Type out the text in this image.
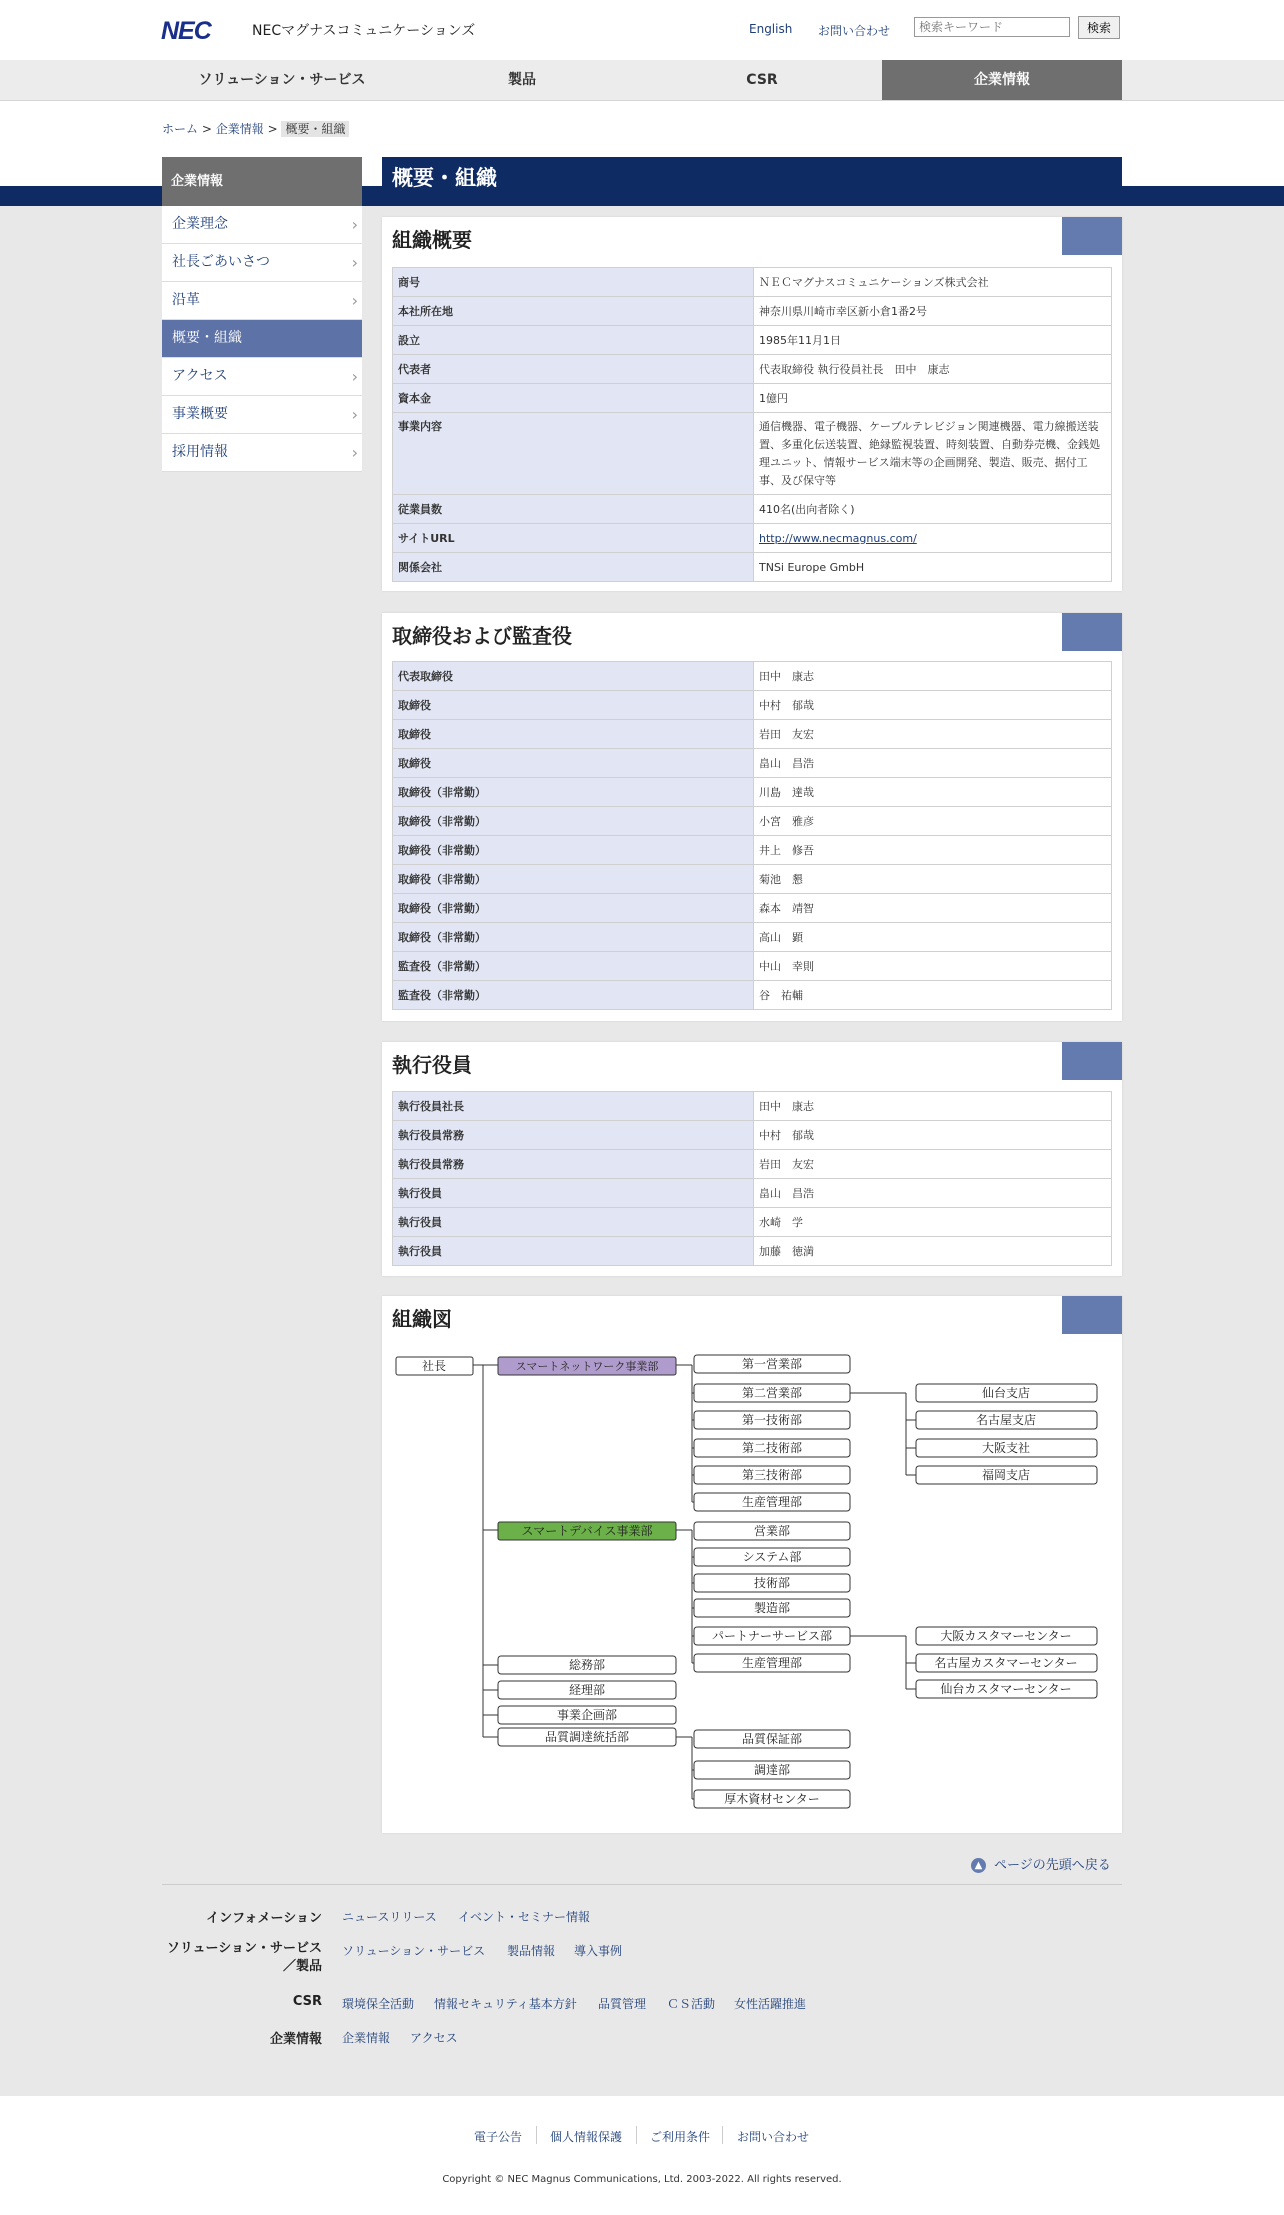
NEC	NECマグナスコミュニケーションズ	English お問い合わせ
検索キーワード	検索
ソリューション・サービス	製品	CSR	企業情報
ホーム > 企業情報 > 概要・組織
企業情報
企業理念	›
社長ごあいさつ	›
沿革	›
概要・組織
アクセス	›
事業概要	›
採用情報	›
概要・組織
組織概要
商号	ＮＥＣマグナスコミュニケーションズ株式会社
本社所在地	神奈川県川崎市幸区新小倉1番2号
設立	1985年11月1日
代表者	代表取締役 執行役員社長　田中　康志
資本金	1億円
事業内容	通信機器、電子機器、ケーブルテレビジョン関連機器、電力線搬送装置、多重化伝送装置、絶縁監視装置、時刻装置、自動券売機、金銭処理ユニット、情報サービス端末等の企画開発、製造、販売、据付工事、及び保守等
従業員数	410名(出向者除く)
サイトURL	http://www.necmagnus.com/
関係会社	TNSi Europe GmbH
取締役および監査役
代表取締役	田中　康志
取締役	中村　郁哉
取締役	岩田　友宏
取締役	畠山　昌浩
取締役（非常勤）	川島　達哉
取締役（非常勤）	小宮　雅彦
取締役（非常勤）	井上　修吾
取締役（非常勤）	菊池　懇
取締役（非常勤）	森本　靖智
取締役（非常勤）	高山　顕
監査役（非常勤）	中山　幸則
監査役（非常勤）	谷　祐輔
執行役員
執行役員社長	田中　康志
執行役員常務	中村　郁哉
執行役員常務	岩田　友宏
執行役員	畠山　昌浩
執行役員	水崎　学
執行役員	加藤　徳満
組織図
社長	スマートネットワーク事業部	第一営業部
第二営業部
第一技術部
第二技術部
第三技術部
生産管理部
仙台支店
名古屋支店
大阪支社
福岡支店
スマートデバイス事業部	営業部
システム部
技術部
製造部
パートナーサービス部
生産管理部
大阪カスタマーセンター
名古屋カスタマーセンター
仙台カスタマーセンター
総務部
経理部
事業企画部
品質調達統括部	品質保証部
調達部
厚木資材センター
▲ ページの先頭へ戻る
インフォメーション ニュースリリース イベント・セミナー情報
ソリューション・サービス／製品
ソリューション・サービス 製品情報 導入事例
CSR 環境保全活動 情報セキュリティ基本方針 品質管理 ＣＳ活動 女性活躍推進
企業情報 企業情報 アクセス
電子公告 個人情報保護 ご利用条件 お問い合わせ
Copyright © NEC Magnus Communications, Ltd. 2003-2022. All rights reserved.
